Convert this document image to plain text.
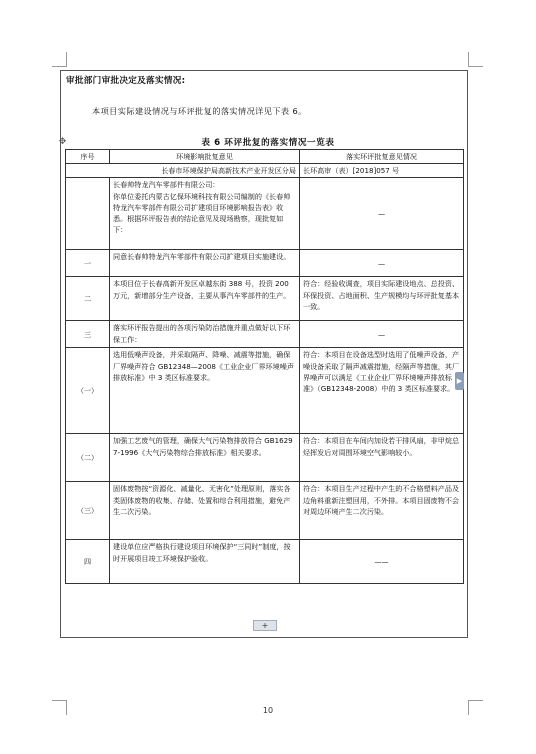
审批部门审批决定及落实情况:
本项目实际建设情况与环评批复的落实情况详见下表 6。
✥	表 6 环评批复的落实情况一览表
序号	环境影响批复意见	落实环评批复意见情况
长春市环境保护局高新技术产业开发区分局		长环高审（表）[2018]057 号
	长春帅特龙汽车零部件有限公司：
你单位委托内蒙古亿保环境科技有限公司编制的《长春帅特龙汽车零部件有限公司扩建项目环境影响报告表》收悉。根据环评报告表的结论意见及现场勘察，现批复如下：	—
一	同意长春帅特龙汽车零部件有限公司扩建项目实施建设。	—
二	本项目位于长春高新开发区卓越东街 388 号，投资 200 万元，新增部分生产设备，主要从事汽车零部件的生产。	符合：经验收调查，项目实际建设地点、总投资、环保投资、占地面积、生产规模均与环评批复基本一致。
三	落实环评报告提出的各项污染防治措施并重点做好以下环保工作：	—
（一）	选用低噪声设备，并采取隔声、降噪、减震等措施，确保厂界噪声符合 GB12348—2008《工业企业厂界环境噪声排放标准》中 3 类区标准要求。	符合：本项目在设备选型时选用了低噪声设备，产噪设备采取了隔声减震措施，经隔声等措施，其厂界噪声可以满足《工业企业厂界环境噪声排放标准》（GB12348-2008）中的 3 类区标准要求。
（二）	加强工艺废气的管理，确保大气污染物排放符合 GB16297-1996《大气污染物综合排放标准》相关要求。	符合：本项目在车间内加设若干排风扇，非甲烷总烃挥发后对周围环境空气影响较小。
（三）	固体废物按“资源化、减量化、无害化”处理原则，落实各类固体废物的收集、存储、处置和综合利用措施，避免产生二次污染。	符合：本项目生产过程中产生的不合格塑料产品及边角料重新注塑回用，不外排。本项目固废物不会对周边环境产生二次污染。
四	建设单位应严格执行建设项目环境保护“三同时”制度，按时开展项目竣工环境保护验收。	——
▶
+
10
